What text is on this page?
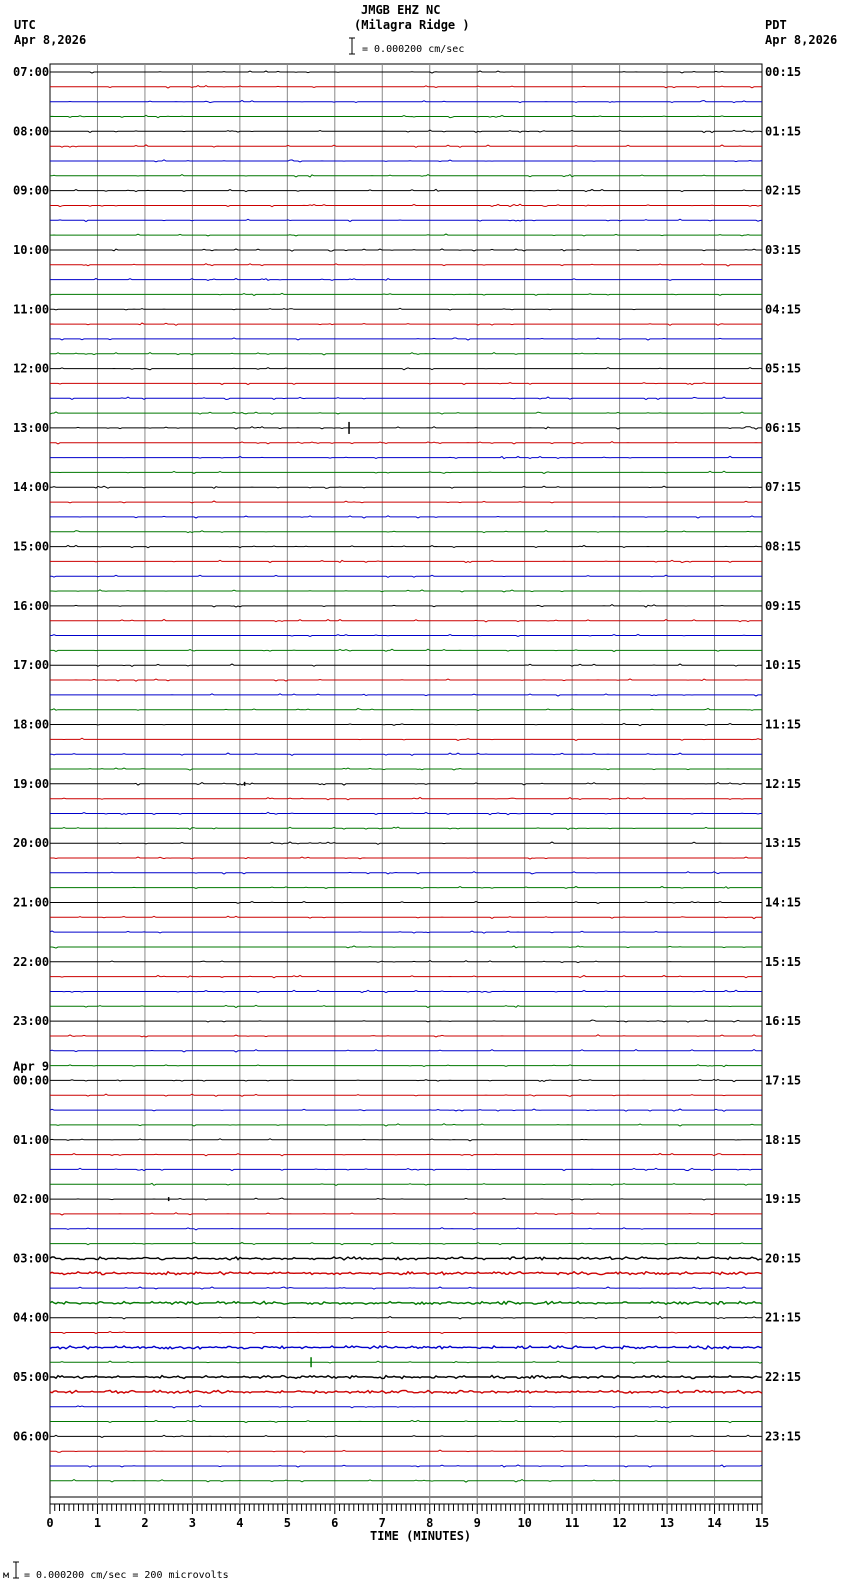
JMGB EHZ NC
(Milagra Ridge )
UTC
Apr 8,2026
PDT
Apr 8,2026
= 0.000200 cm/sec
м = 0.000200 cm/sec = 200 microvolts
TIME (MINUTES)
0	1	2	3	4	5	6	7	8	9	10	11	12	13	14	15
07:00
08:00
09:00
10:00
11:00
12:00
13:00
14:00
15:00
16:00
17:00
18:00
19:00
20:00
21:00
22:00
23:00
00:00
Apr 9
01:00
02:00
03:00
04:00
05:00
06:00
00:15
01:15
02:15
03:15
04:15
05:15
06:15
07:15
08:15
09:15
10:15
11:15
12:15
13:15
14:15
15:15
16:15
17:15
18:15
19:15
20:15
21:15
22:15
23:15
